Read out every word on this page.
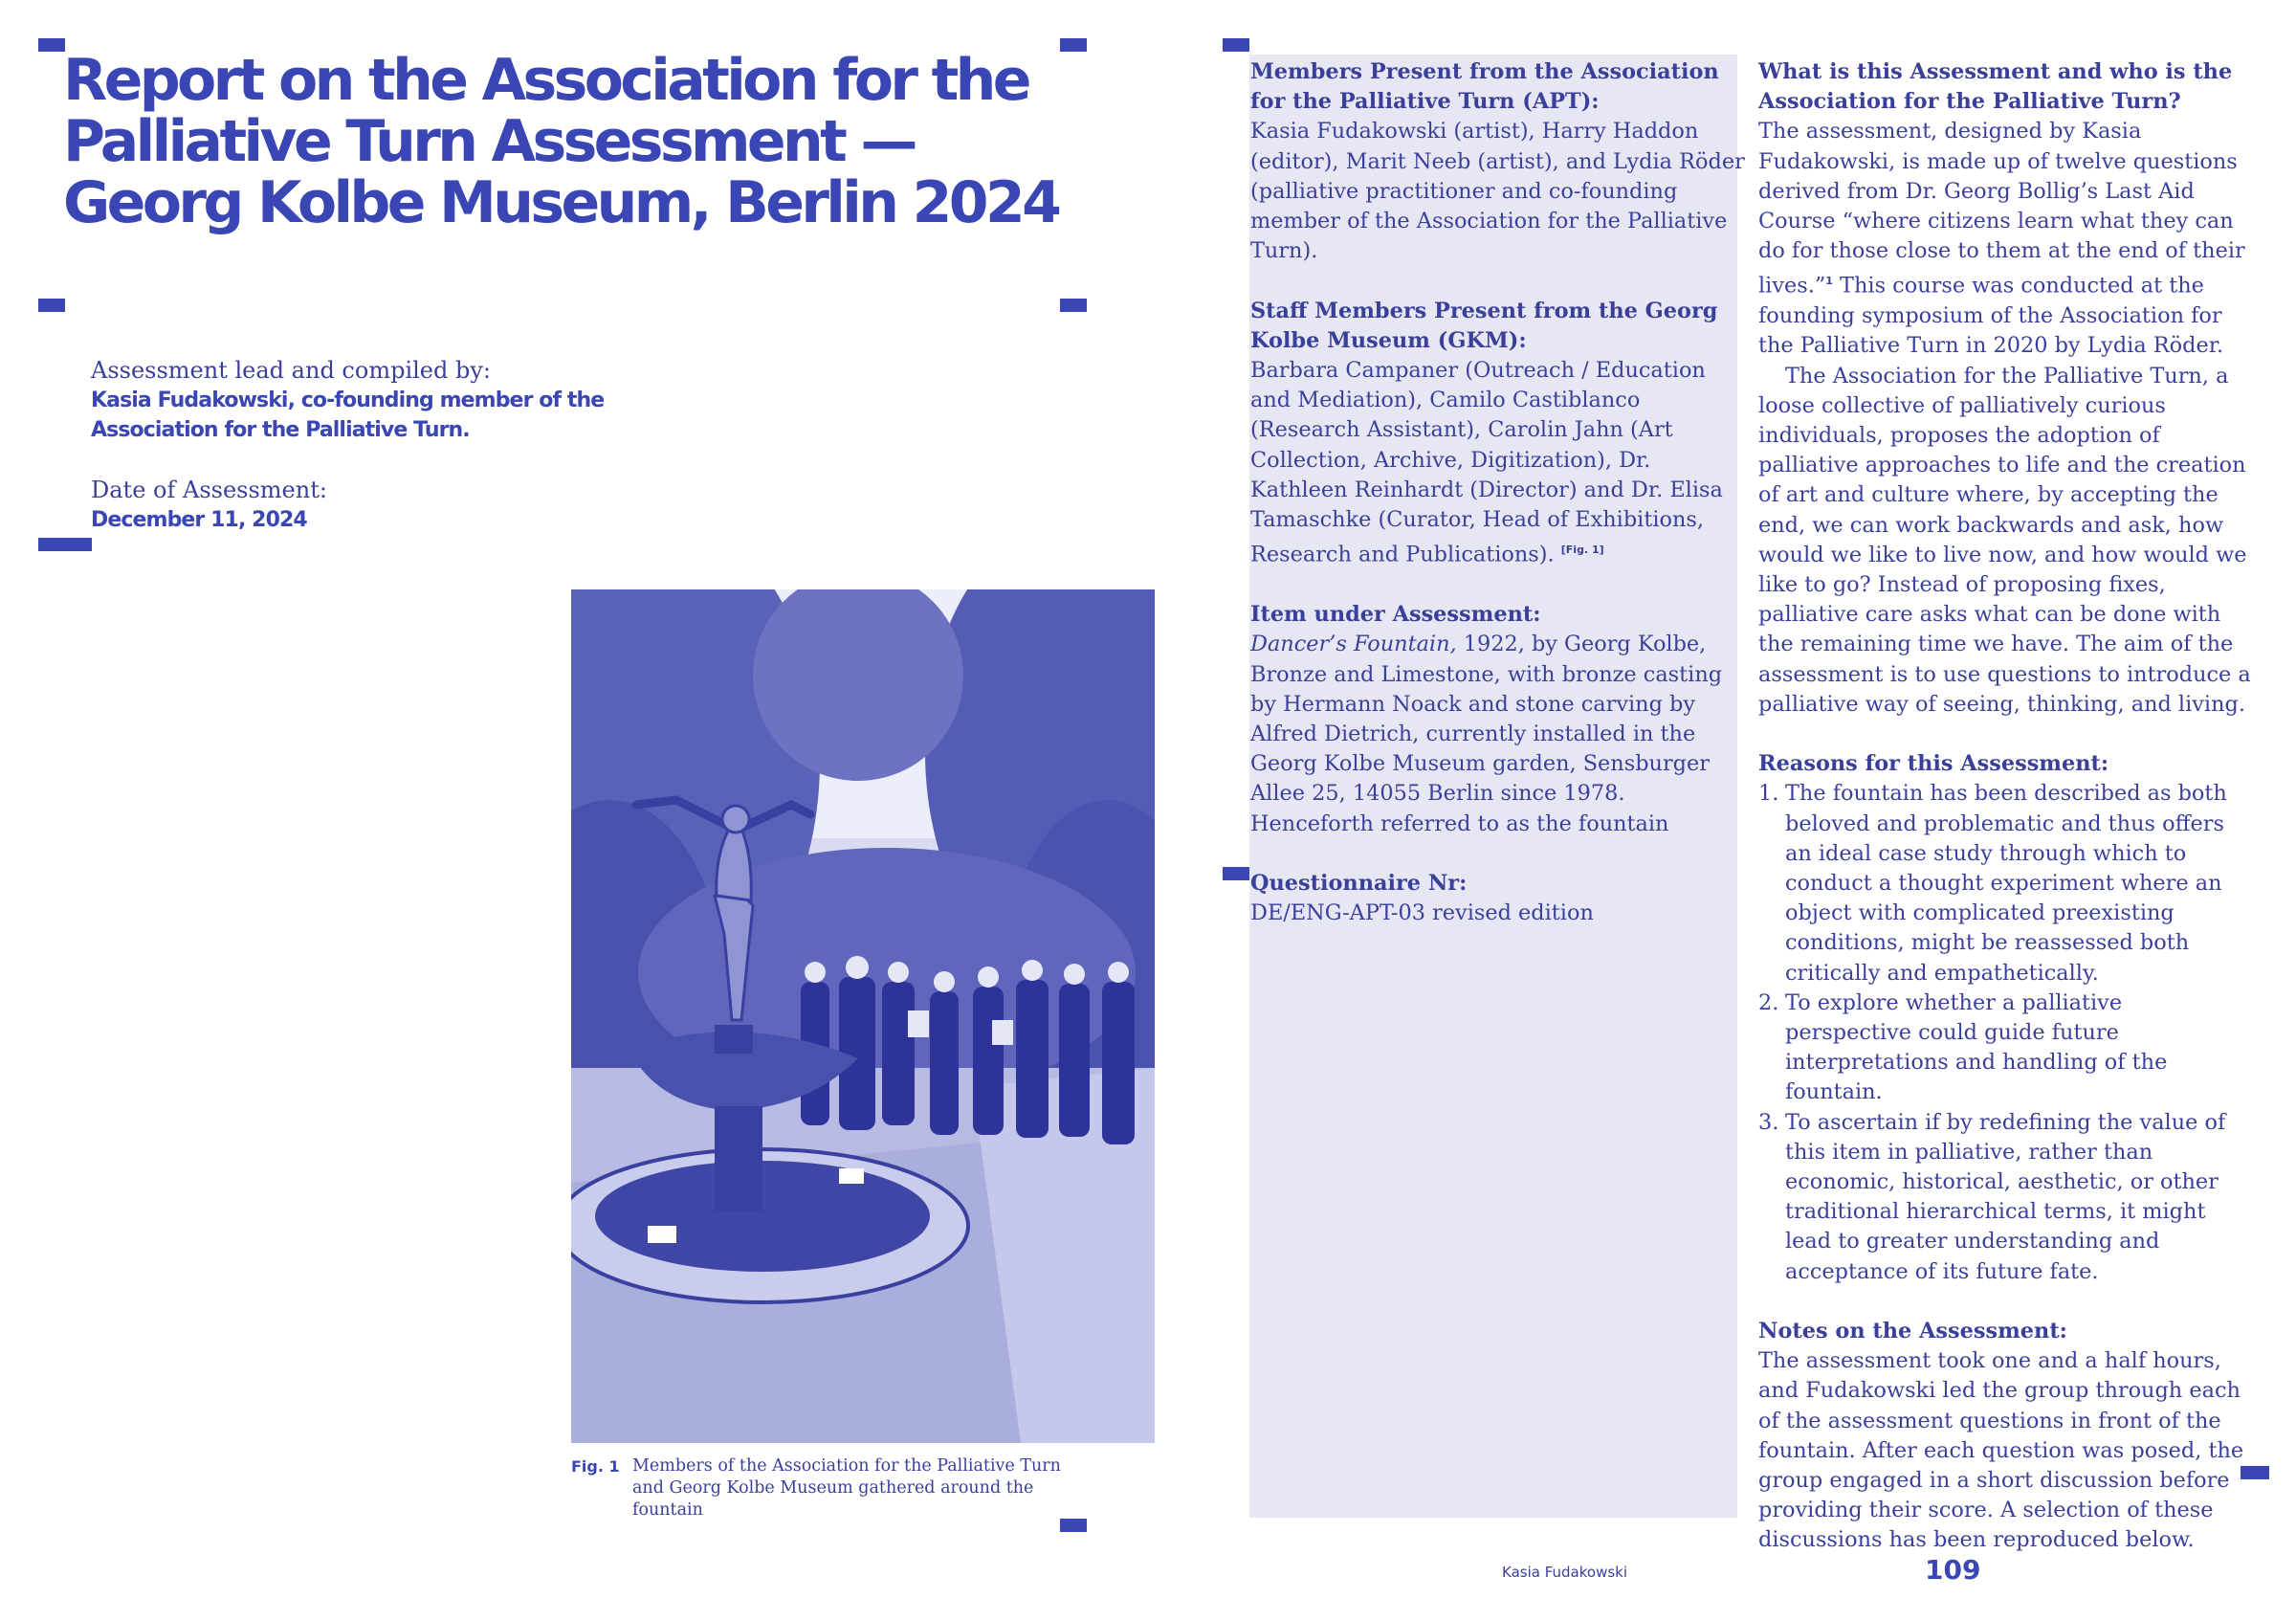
Report on the Association for the Palliative Turn Assessment — Georg Kolbe Museum, Berlin 2024
Assessment lead and compiled by:
Kasia Fudakowski, co-founding member of the Association for the Palliative Turn.
Date of Assessment:
December 11, 2024
Fig. 1 Members of the Association for the Palliative Turn and Georg Kolbe Museum gathered around the fountain

Members Present from the Association for the Palliative Turn (APT):

Kasia Fudakowski (artist), Harry Haddon (editor), Marit Neeb (artist), and Lydia Röder (palliative practitioner and co-founding member of the Association for the Palliative Turn).

Staff Members Present from the Georg Kolbe Museum (GKM):

Barbara Campaner (Outreach / Education and Mediation), Camilo Castiblanco (Research Assistant), Carolin Jahn (Art Collection, Archive, Digitization), Dr. Kathleen Reinhardt (Director) and Dr. Elisa Tamaschke (Curator, Head of Exhibitions, Research and Publications). [Fig. 1]

Item under Assessment:

Dancer’s Fountain, 1922, by Georg Kolbe, Bronze and Limestone, with bronze casting by Hermann Noack and stone carving by Alfred Dietrich, currently installed in the Georg Kolbe Museum garden, Sensburger Allee 25, 14055 Berlin since 1978. Henceforth referred to as the fountain

Questionnaire Nr:

DE/ENG-APT-03 revised edition

What is this Assessment and who is the Association for the Palliative Turn?

The assessment, designed by Kasia Fudakowski, is made up of twelve questions derived from Dr. Georg Bollig’s Last Aid Course “where citizens learn what they can do for those close to them at the end of their lives.”$^1$ This course was conducted at the founding symposium of the Association for the Palliative Turn in 2020 by Lydia Röder.

The Association for the Palliative Turn, a loose collective of palliatively curious individuals, proposes the adoption of palliative approaches to life and the creation of art and culture where, by accepting the end, we can work backwards and ask, how would we like to live now, and how would we like to go? Instead of proposing fixes, palliative care asks what can be done with the remaining time we have. The aim of the assessment is to use questions to introduce a palliative way of seeing, thinking, and living.

Reasons for this Assessment:

1. The fountain has been described as both beloved and problematic and thus offers an ideal case study through which to conduct a thought experiment where an object with complicated preexisting conditions, might be reassessed both critically and empathetically.
2. To explore whether a palliative perspective could guide future interpretations and handling of the fountain.
3. To ascertain if by redefining the value of this item in palliative, rather than economic, historical, aesthetic, or other traditional hierarchical terms, it might lead to greater understanding and acceptance of its future fate.

Notes on the Assessment:

The assessment took one and a half hours, and Fudakowski led the group through each of the assessment questions in front of the fountain. After each question was posed, the group engaged in a short discussion before providing their score. A selection of these discussions has been reproduced below.

Kasia Fudakowski	109
